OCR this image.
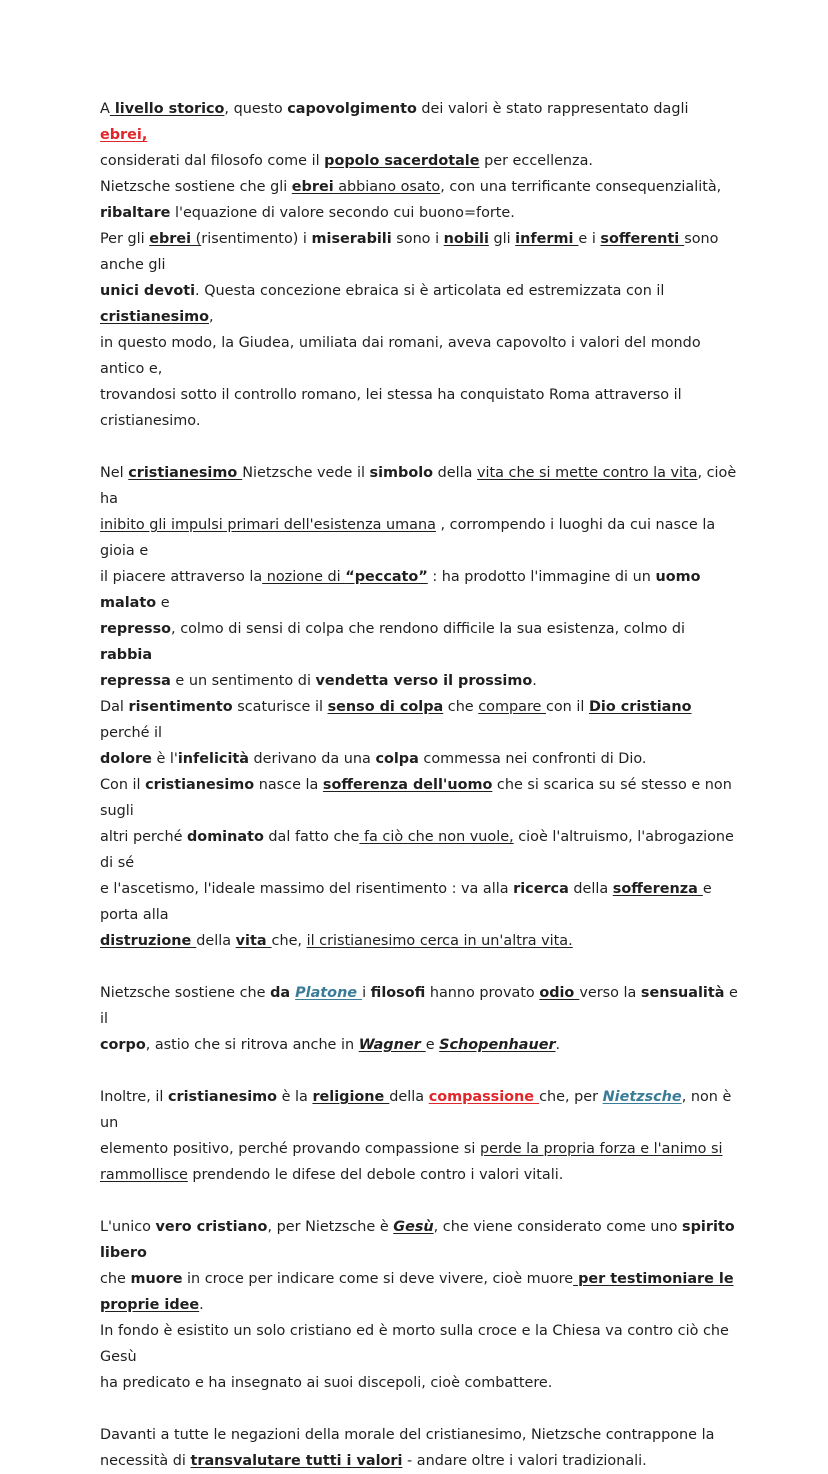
A livello storico, questo capovolgimento dei valori è stato rappresentato dagli ebrei,
considerati dal filosofo come il popolo sacerdotale per eccellenza.
Nietzsche sostiene che gli ebrei abbiano osato, con una terrificante consequenzialità,
ribaltare l'equazione di valore secondo cui buono=forte.
Per gli ebrei (risentimento) i miserabili sono i nobili gli infermi e i sofferenti sono anche gli
unici devoti. Questa concezione ebraica si è articolata ed estremizzata con il cristianesimo,
in questo modo, la Giudea, umiliata dai romani, aveva capovolto i valori del mondo antico e,
trovandosi sotto il controllo romano, lei stessa ha conquistato Roma attraverso il
cristianesimo.

Nel cristianesimo Nietzsche vede il simbolo della vita che si mette contro la vita, cioè ha
inibito gli impulsi primari dell'esistenza umana , corrompendo i luoghi da cui nasce la gioia e
il piacere attraverso la nozione di “peccato” : ha prodotto l'immagine di un uomo malato e
represso, colmo di sensi di colpa che rendono difficile la sua esistenza, colmo di rabbia
repressa e un sentimento di vendetta verso il prossimo.
Dal risentimento scaturisce il senso di colpa che compare con il Dio cristiano perché il
dolore è l'infelicità derivano da una colpa commessa nei confronti di Dio.
Con il cristianesimo nasce la sofferenza dell'uomo che si scarica su sé stesso e non sugli
altri perché dominato dal fatto che fa ciò che non vuole, cioè l'altruismo, l'abrogazione di sé
e l'ascetismo, l'ideale massimo del risentimento : va alla ricerca della sofferenza e porta alla
distruzione della vita che, il cristianesimo cerca in un'altra vita.

Nietzsche sostiene che da Platone i filosofi hanno provato odio verso la sensualità e il
corpo, astio che si ritrova anche in Wagner e Schopenhauer.

Inoltre, il cristianesimo è la religione della compassione che, per Nietzsche, non è un
elemento positivo, perché provando compassione si perde la propria forza e l'animo si
rammollisce prendendo le difese del debole contro i valori vitali.

L'unico vero cristiano, per Nietzsche è Gesù, che viene considerato come uno spirito libero
che muore in croce per indicare come si deve vivere, cioè muore per testimoniare le
proprie idee.
In fondo è esistito un solo cristiano ed è morto sulla croce e la Chiesa va contro ciò che Gesù
ha predicato e ha insegnato ai suoi discepoli, cioè combattere.

Davanti a tutte le negazioni della morale del cristianesimo, Nietzsche contrappone la
necessità di transvalutare tutti i valori - andare oltre i valori tradizionali.
